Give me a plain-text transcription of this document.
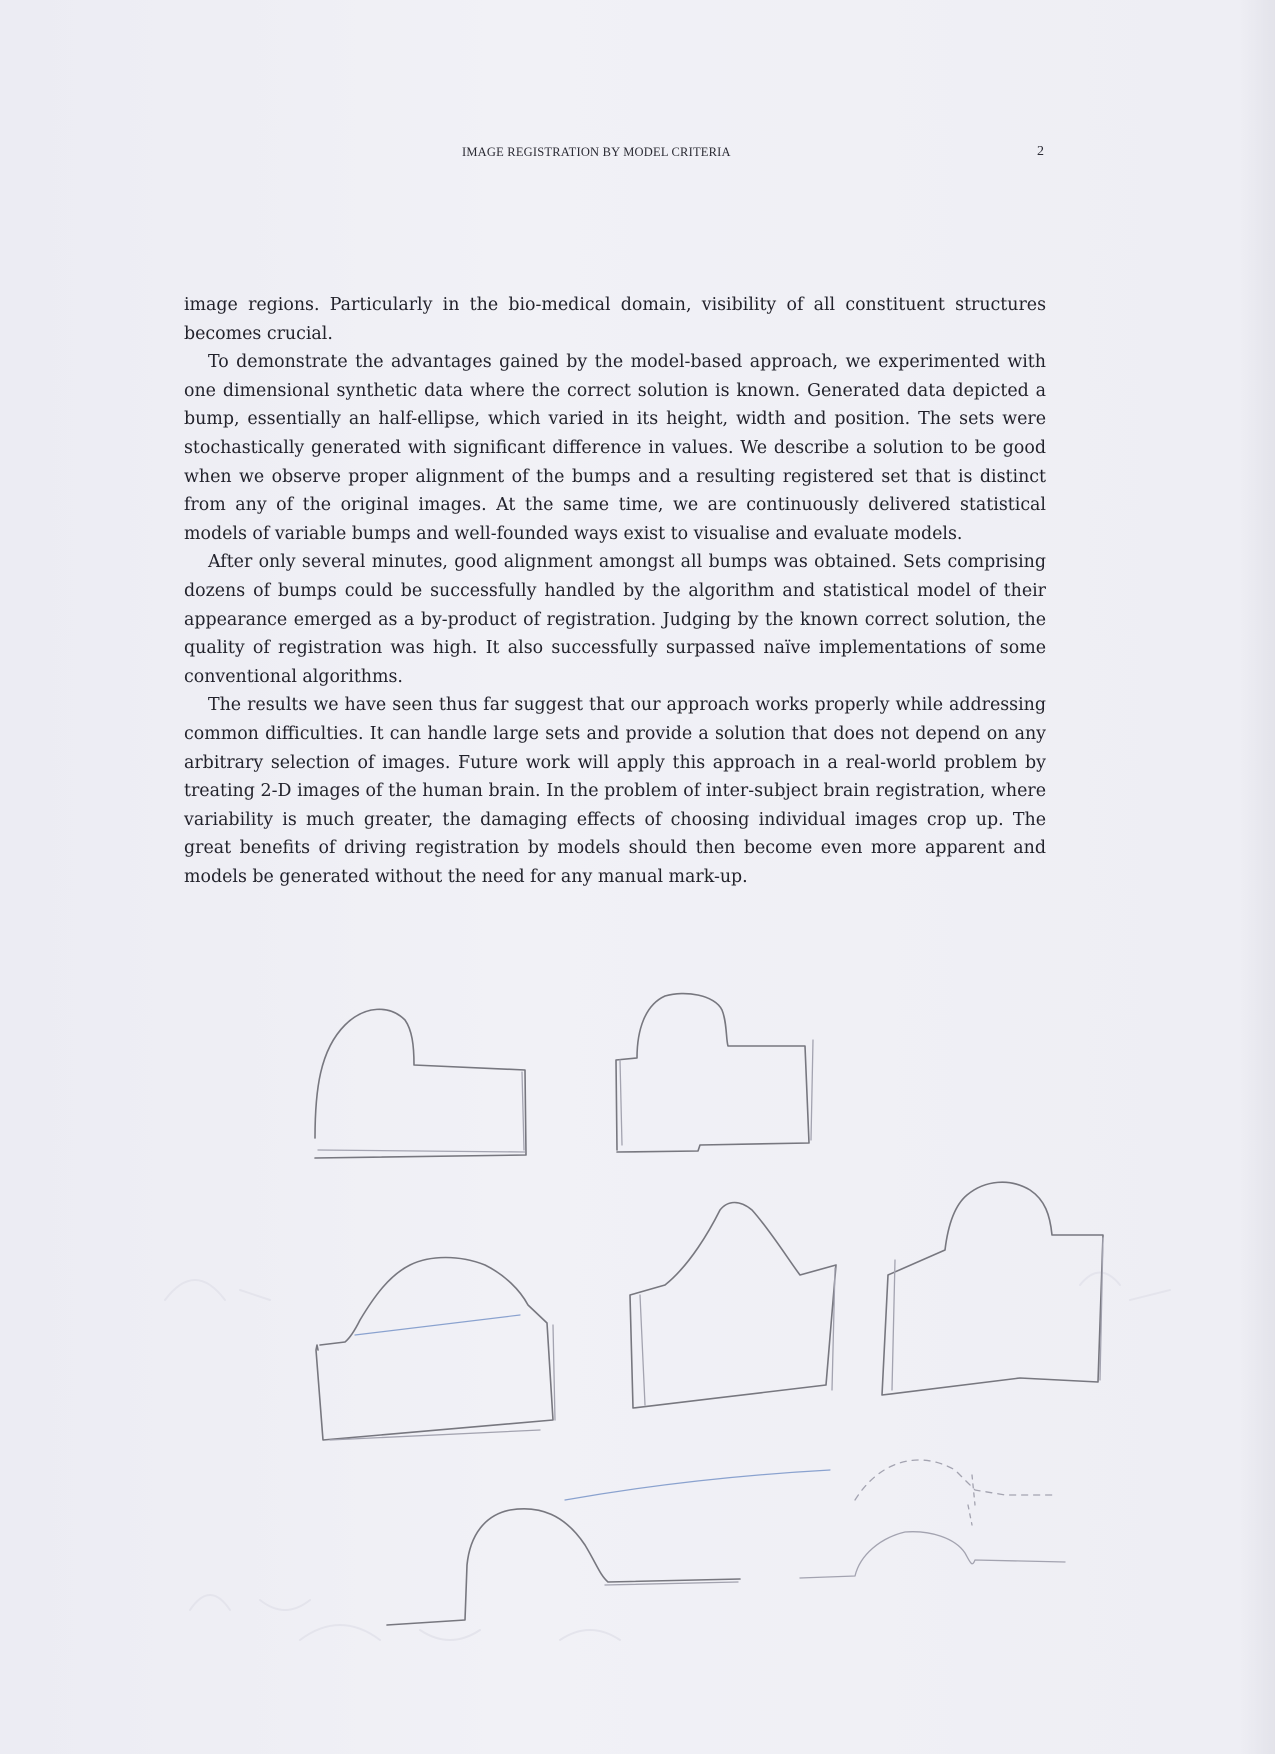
IMAGE REGISTRATION BY MODEL CRITERIA	2

image regions. Particularly in the bio-medical domain, visibility of all constituent structures becomes crucial.

To demonstrate the advantages gained by the model-based approach, we experimented with one dimensional synthetic data where the correct solution is known. Generated data depicted a bump, essentially an half-ellipse, which varied in its height, width and position. The sets were stochastically generated with significant difference in values. We describe a solution to be good when we observe proper alignment of the bumps and a resulting registered set that is distinct from any of the original images. At the same time, we are continuously delivered statistical models of variable bumps and well-founded ways exist to visualise and evaluate models.

After only several minutes, good alignment amongst all bumps was obtained. Sets comprising dozens of bumps could be successfully handled by the algorithm and statistical model of their appearance emerged as a by-product of registration. Judging by the known correct solution, the quality of registration was high. It also successfully surpassed naïve implementations of some conventional algorithms.

The results we have seen thus far suggest that our approach works properly while addressing common difficulties. It can handle large sets and provide a solution that does not depend on any arbitrary selection of images. Future work will apply this approach in a real-world problem by treating 2-D images of the human brain. In the problem of inter-subject brain registration, where variability is much greater, the damaging effects of choosing individual images crop up. The great benefits of driving registration by models should then become even more apparent and models be generated without the need for any manual mark-up.
